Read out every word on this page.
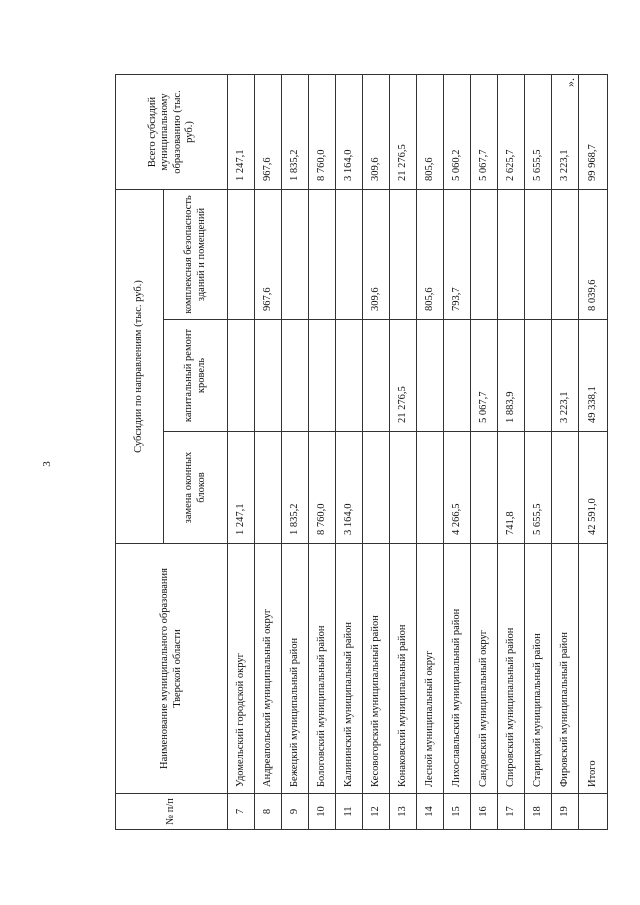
3
».
№ п/п	Наименование муниципального образования Тверской области	Субсидии по направлениям (тыс. руб.)			Всего субсидий муниципальному образованию (тыс. руб.)
		замена оконных блоков	капитальный ремонт кровель	комплексная безопасность зданий и помещений	
7	Удомельский городской округ	1 247,1			1 247,1
8	Андреапольский муниципальный округ			967,6	967,6
9	Бежецкий муниципальный район	1 835,2			1 835,2
10	Бологовский муниципальный район	8 760,0			8 760,0
11	Калининский муниципальный район	3 164,0			3 164,0
12	Кесовогорский муниципальный район			309,6	309,6
13	Конаковский муниципальный район		21 276,5		21 276,5
14	Лесной муниципальный округ			805,6	805,6
15	Лихославльский муниципальный район	4 266,5		793,7	5 060,2
16	Сандовский муниципальный округ		5 067,7		5 067,7
17	Спировский муниципальный район	741,8	1 883,9		2 625,7
18	Старицкий муниципальный район	5 655,5			5 655,5
19	Фировский муниципальный район		3 223,1		3 223,1
	Итого	42 591,0	49 338,1	8 039,6	99 968,7
